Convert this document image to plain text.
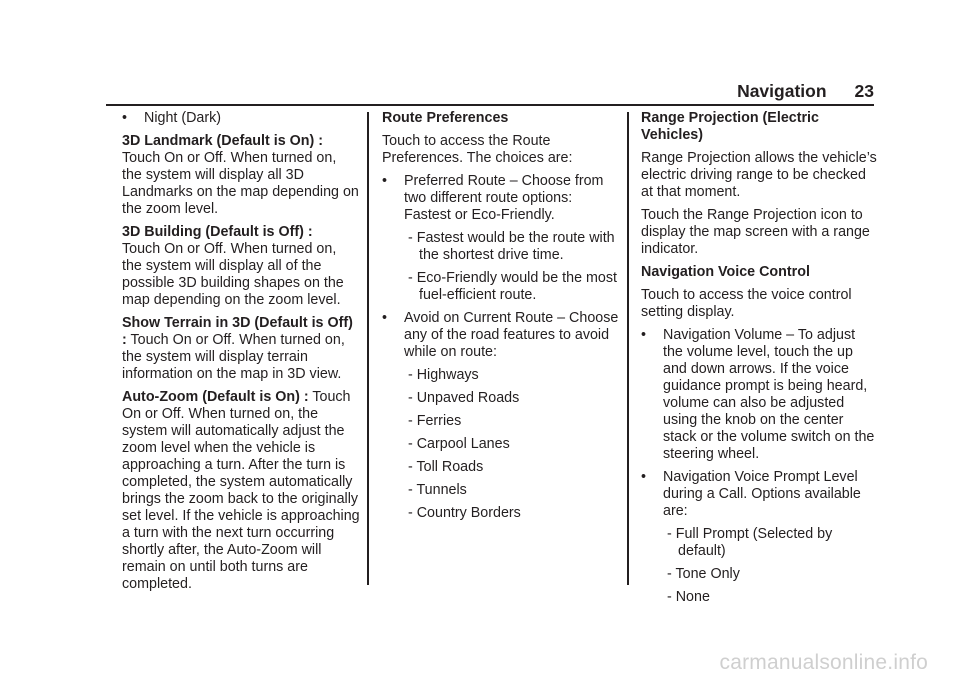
Navigation 23
•	Night (Dark)

3D Landmark (Default is On) :
Touch On or Off. When turned on, the system will display all 3D Landmarks on the map depending on the zoom level.

3D Building (Default is Off) :
Touch On or Off. When turned on, the system will display all of the possible 3D building shapes on the map depending on the zoom level.

Show Terrain in 3D (Default is Off) : Touch On or Off. When turned on, the system will display terrain information on the map in 3D view.

Auto-Zoom (Default is On) : Touch On or Off. When turned on, the system will automatically adjust the zoom level when the vehicle is approaching a turn. After the turn is completed, the system automatically brings the zoom back to the originally set level. If the vehicle is approaching a turn with the next turn occurring shortly after, the Auto-Zoom will remain on until both turns are completed.

Route Preferences

Touch to access the Route Preferences. The choices are:

•	Preferred Route – Choose from two different route options: Fastest or Eco-Friendly.
- Fastest would be the route with the shortest drive time.
- Eco-Friendly would be the most fuel-efficient route.
•	Avoid on Current Route – Choose any of the road features to avoid while on route:
- Highways
- Unpaved Roads
- Ferries
- Carpool Lanes
- Toll Roads
- Tunnels
- Country Borders

Range Projection (Electric Vehicles)

Range Projection allows the vehicle’s electric driving range to be checked at that moment.

Touch the Range Projection icon to display the map screen with a range indicator.

Navigation Voice Control

Touch to access the voice control setting display.

•	Navigation Volume – To adjust the volume level, touch the up and down arrows. If the voice guidance prompt is being heard, volume can also be adjusted using the knob on the center stack or the volume switch on the steering wheel.
•	Navigation Voice Prompt Level during a Call. Options available are:
- Full Prompt (Selected by default)
- Tone Only
- None
carmanualsonline.info
